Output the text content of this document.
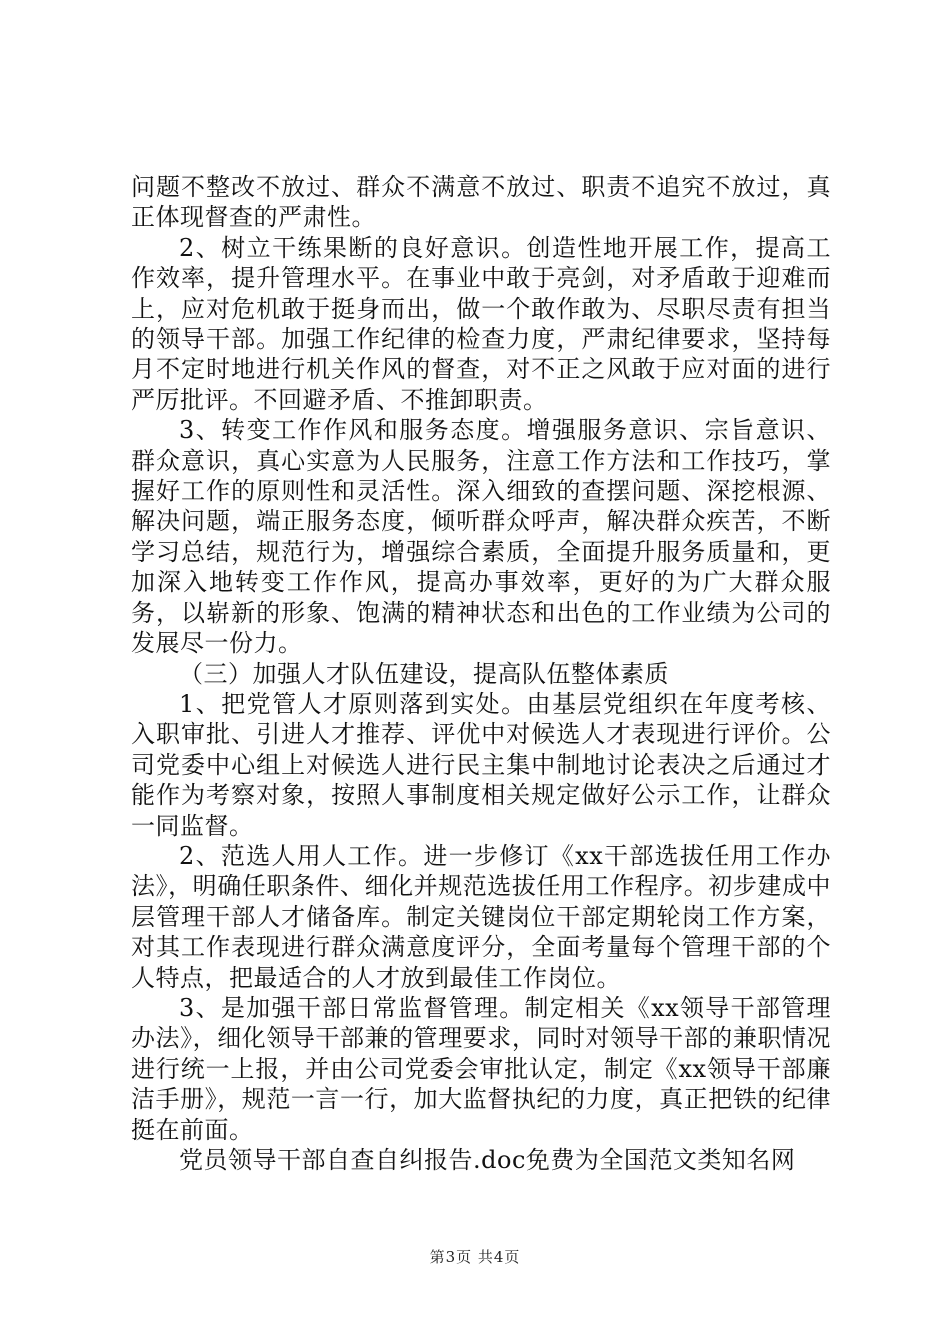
问题不整改不放过、群众不满意不放过、职责不追究不放过，真正体现督查的严肃性。

2、树立干练果断的良好意识。创造性地开展工作，提高工作效率，提升管理水平。在事业中敢于亮剑，对矛盾敢于迎难而上，应对危机敢于挺身而出，做一个敢作敢为、尽职尽责有担当的领导干部。加强工作纪律的检查力度，严肃纪律要求，坚持每月不定时地进行机关作风的督查，对不正之风敢于应对面的进行严厉批评。不回避矛盾、不推卸职责。

3、转变工作作风和服务态度。增强服务意识、宗旨意识、群众意识，真心实意为人民服务，注意工作方法和工作技巧，掌握好工作的原则性和灵活性。深入细致的查摆问题、深挖根源、解决问题，端正服务态度，倾听群众呼声，解决群众疾苦，不断学习总结，规范行为，增强综合素质，全面提升服务质量和，更加深入地转变工作作风，提高办事效率，更好的为广大群众服务，以崭新的形象、饱满的精神状态和出色的工作业绩为公司的发展尽一份力。

（三）加强人才队伍建设，提高队伍整体素质

1、把党管人才原则落到实处。由基层党组织在年度考核、入职审批、引进人才推荐、评优中对候选人才表现进行评价。公司党委中心组上对候选人进行民主集中制地讨论表决之后通过才能作为考察对象，按照人事制度相关规定做好公示工作，让群众一同监督。

2、范选人用人工作。进一步修订《xx干部选拔任用工作办法》，明确任职条件、细化并规范选拔任用工作程序。初步建成中层管理干部人才储备库。制定关键岗位干部定期轮岗工作方案，对其工作表现进行群众满意度评分，全面考量每个管理干部的个人特点，把最适合的人才放到最佳工作岗位。

3、是加强干部日常监督管理。制定相关《xx领导干部管理办法》，细化领导干部兼的管理要求，同时对领导干部的兼职情况进行统一上报，并由公司党委会审批认定，制定《xx领导干部廉洁手册》，规范一言一行，加大监督执纪的力度，真正把铁的纪律挺在前面。

党员领导干部自查自纠报告.doc免费为全国范文类知名网

第3页 共4页
